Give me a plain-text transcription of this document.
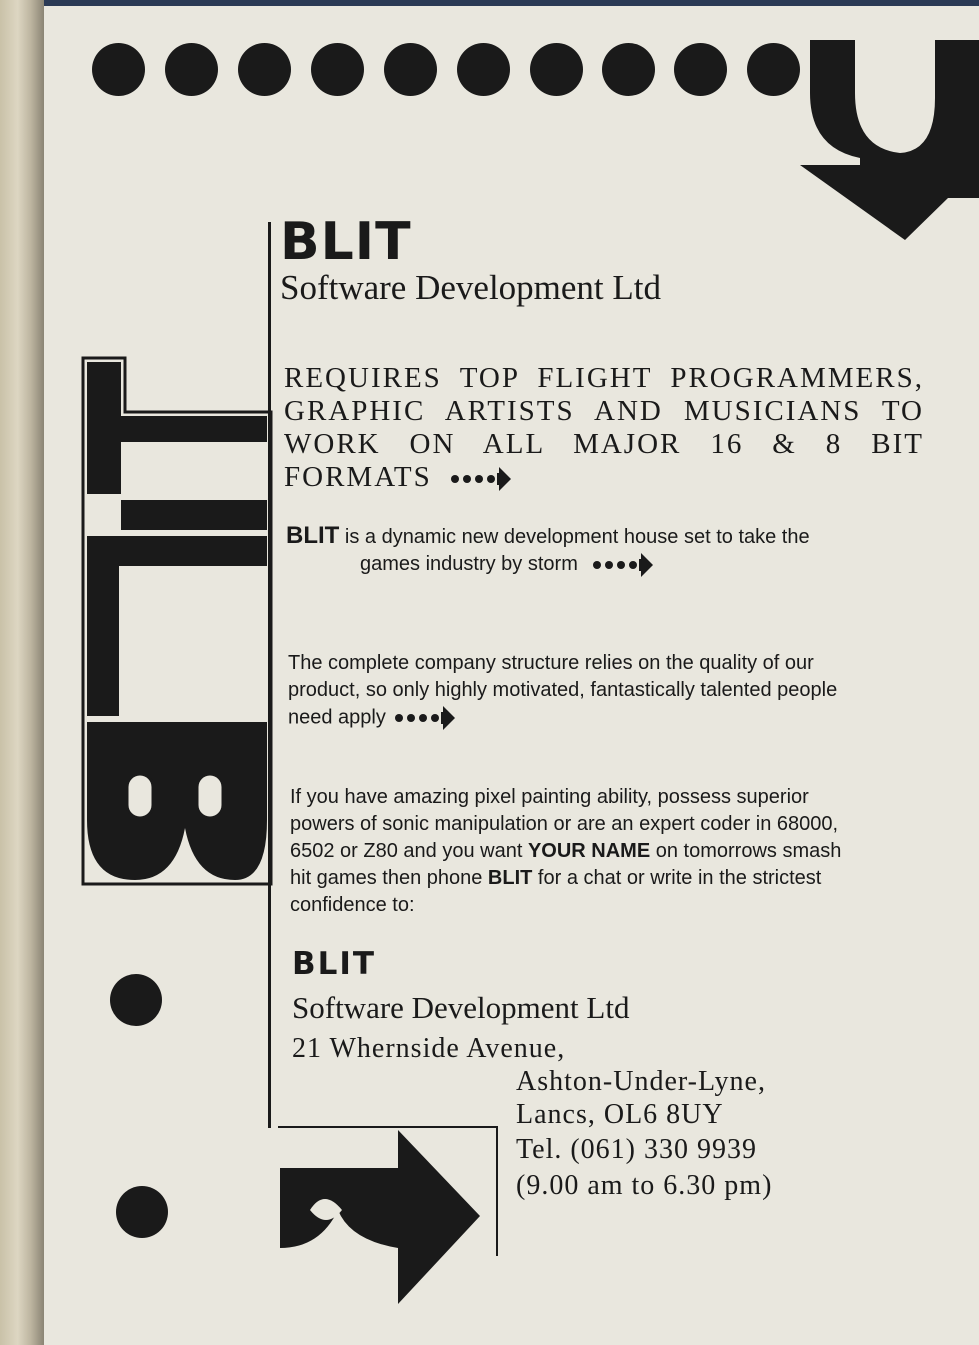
BLIT
Software Development Ltd
REQUIRES TOP FLIGHT PROGRAMMERS, GRAPHIC ARTISTS AND MUSICIANS TO WORK ON ALL MAJOR 16 & 8 BIT FORMATS
BLIT is a dynamic new development house set to take the
games industry by storm
The complete company structure relies on the quality of our
product, so only highly motivated, fantastically talented people
need apply
If you have amazing pixel painting ability, possess superior
powers of sonic manipulation or are an expert coder in 68000,
6502 or Z80 and you want YOUR NAME on tomorrows smash
hit games then phone BLIT for a chat or write in the strictest
confidence to:
BLIT
Software Development Ltd
21 Whernside Avenue,
Ashton-Under-Lyne,
Lancs, OL6 8UY
Tel. (061) 330 9939
(9.00 am to 6.30 pm)
